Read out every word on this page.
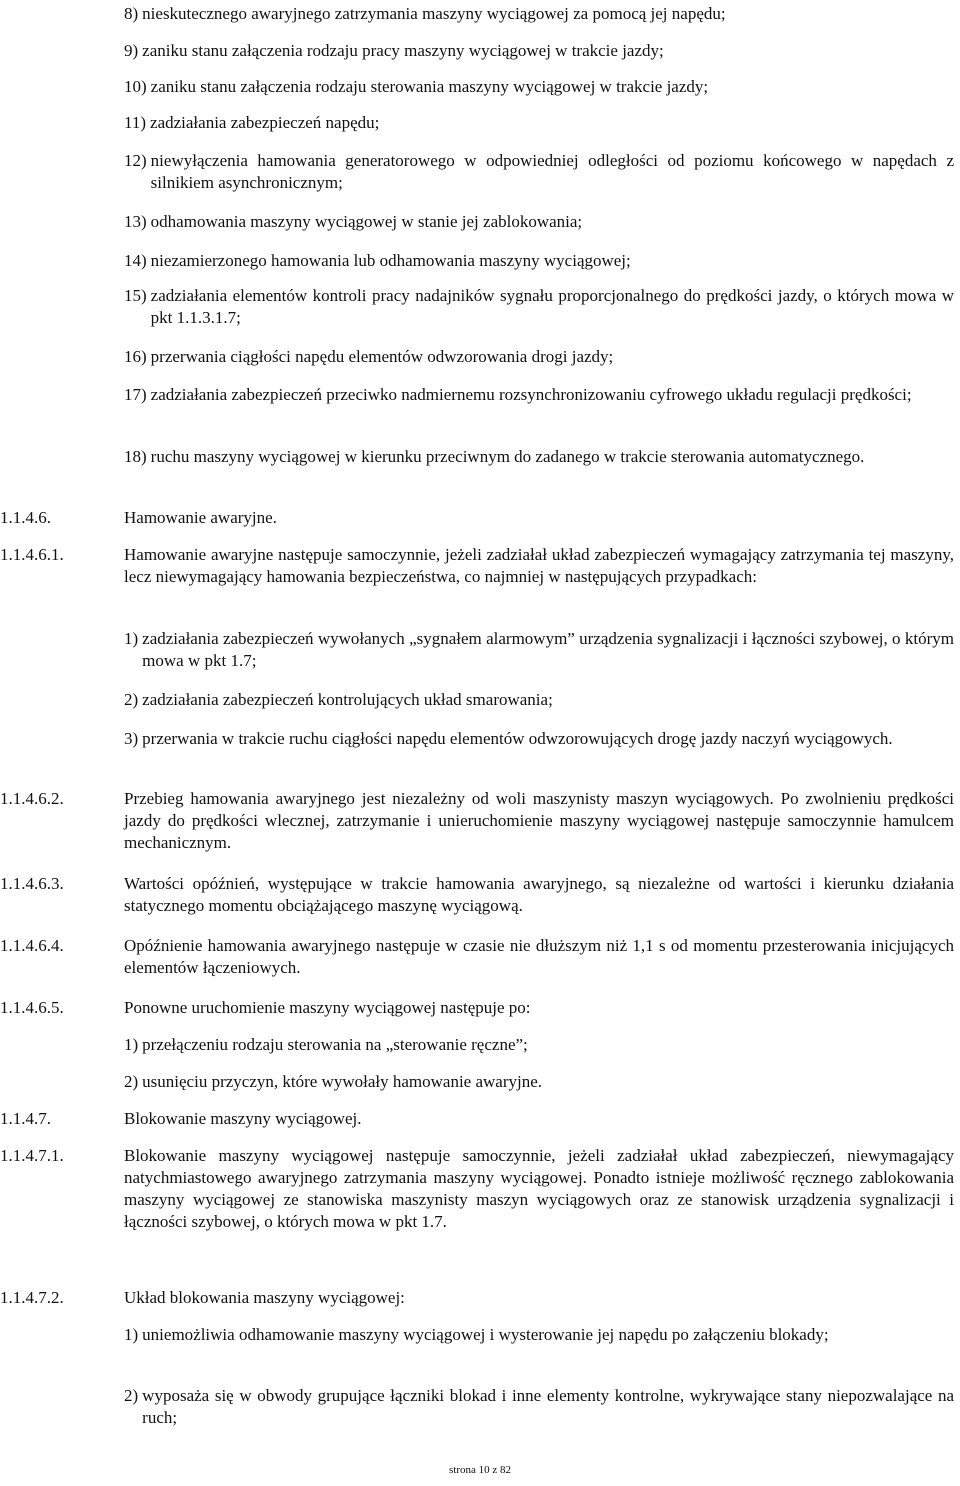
8) nieskutecznego awaryjnego zatrzymania maszyny wyciągowej za pomocą jej napędu;
9) zaniku stanu załączenia rodzaju pracy maszyny wyciągowej w trakcie jazdy;
10) zaniku stanu załączenia rodzaju sterowania maszyny wyciągowej w trakcie jazdy;
11) zadziałania zabezpieczeń napędu;
12) niewyłączenia hamowania generatorowego w odpowiedniej odległości od poziomu końcowego w napędach z silnikiem asynchronicznym;
13) odhamowania maszyny wyciągowej w stanie jej zablokowania;
14) niezamierzonego hamowania lub odhamowania maszyny wyciągowej;
15) zadziałania elementów kontroli pracy nadajników sygnału proporcjonalnego do prędkości jazdy, o których mowa w pkt 1.1.3.1.7;
16) przerwania ciągłości napędu elementów odwzorowania drogi jazdy;
17) zadziałania zabezpieczeń przeciwko nadmiernemu rozsynchronizowaniu cyfrowego układu regulacji prędkości;
18) ruchu maszyny wyciągowej w kierunku przeciwnym do zadanego w trakcie sterowania automatycznego.
1.1.4.6.	Hamowanie awaryjne.
1.1.4.6.1.	Hamowanie awaryjne następuje samoczynnie, jeżeli zadziałał układ zabezpieczeń wymagający zatrzymania tej maszyny, lecz niewymagający hamowania bezpieczeństwa, co najmniej w następujących przypadkach:
1) zadziałania zabezpieczeń wywołanych „sygnałem alarmowym” urządzenia sygnalizacji i łączności szybowej, o którym mowa w pkt 1.7;
2) zadziałania zabezpieczeń kontrolujących układ smarowania;
3) przerwania w trakcie ruchu ciągłości napędu elementów odwzorowujących drogę jazdy naczyń wyciągowych.
1.1.4.6.2.	Przebieg hamowania awaryjnego jest niezależny od woli maszynisty maszyn wyciągowych. Po zwolnieniu prędkości jazdy do prędkości wlecznej, zatrzymanie i unieruchomienie maszyny wyciągowej następuje samoczynnie hamulcem mechanicznym.
1.1.4.6.3.	Wartości opóźnień, występujące w trakcie hamowania awaryjnego, są niezależne od wartości i kierunku działania statycznego momentu obciążającego maszynę wyciągową.
1.1.4.6.4.	Opóźnienie hamowania awaryjnego następuje w czasie nie dłuższym niż 1,1 s od momentu przesterowania inicjujących elementów łączeniowych.
1.1.4.6.5.	Ponowne uruchomienie maszyny wyciągowej następuje po:
1) przełączeniu rodzaju sterowania na „sterowanie ręczne”;
2) usunięciu przyczyn, które wywołały hamowanie awaryjne.
1.1.4.7.	Blokowanie maszyny wyciągowej.
1.1.4.7.1.	Blokowanie maszyny wyciągowej następuje samoczynnie, jeżeli zadziałał układ zabezpieczeń, niewymagający natychmiastowego awaryjnego zatrzymania maszyny wyciągowej. Ponadto istnieje możliwość ręcznego zablokowania maszyny wyciągowej ze stanowiska maszynisty maszyn wyciągowych oraz ze stanowisk urządzenia sygnalizacji i łączności szybowej, o których mowa w pkt 1.7.
1.1.4.7.2.	Układ blokowania maszyny wyciągowej:
1) uniemożliwia odhamowanie maszyny wyciągowej i wysterowanie jej napędu po załączeniu blokady;
2) wyposaża się w obwody grupujące łączniki blokad i inne elementy kontrolne, wykrywające stany niepozwalające na ruch;
strona 10 z 82
